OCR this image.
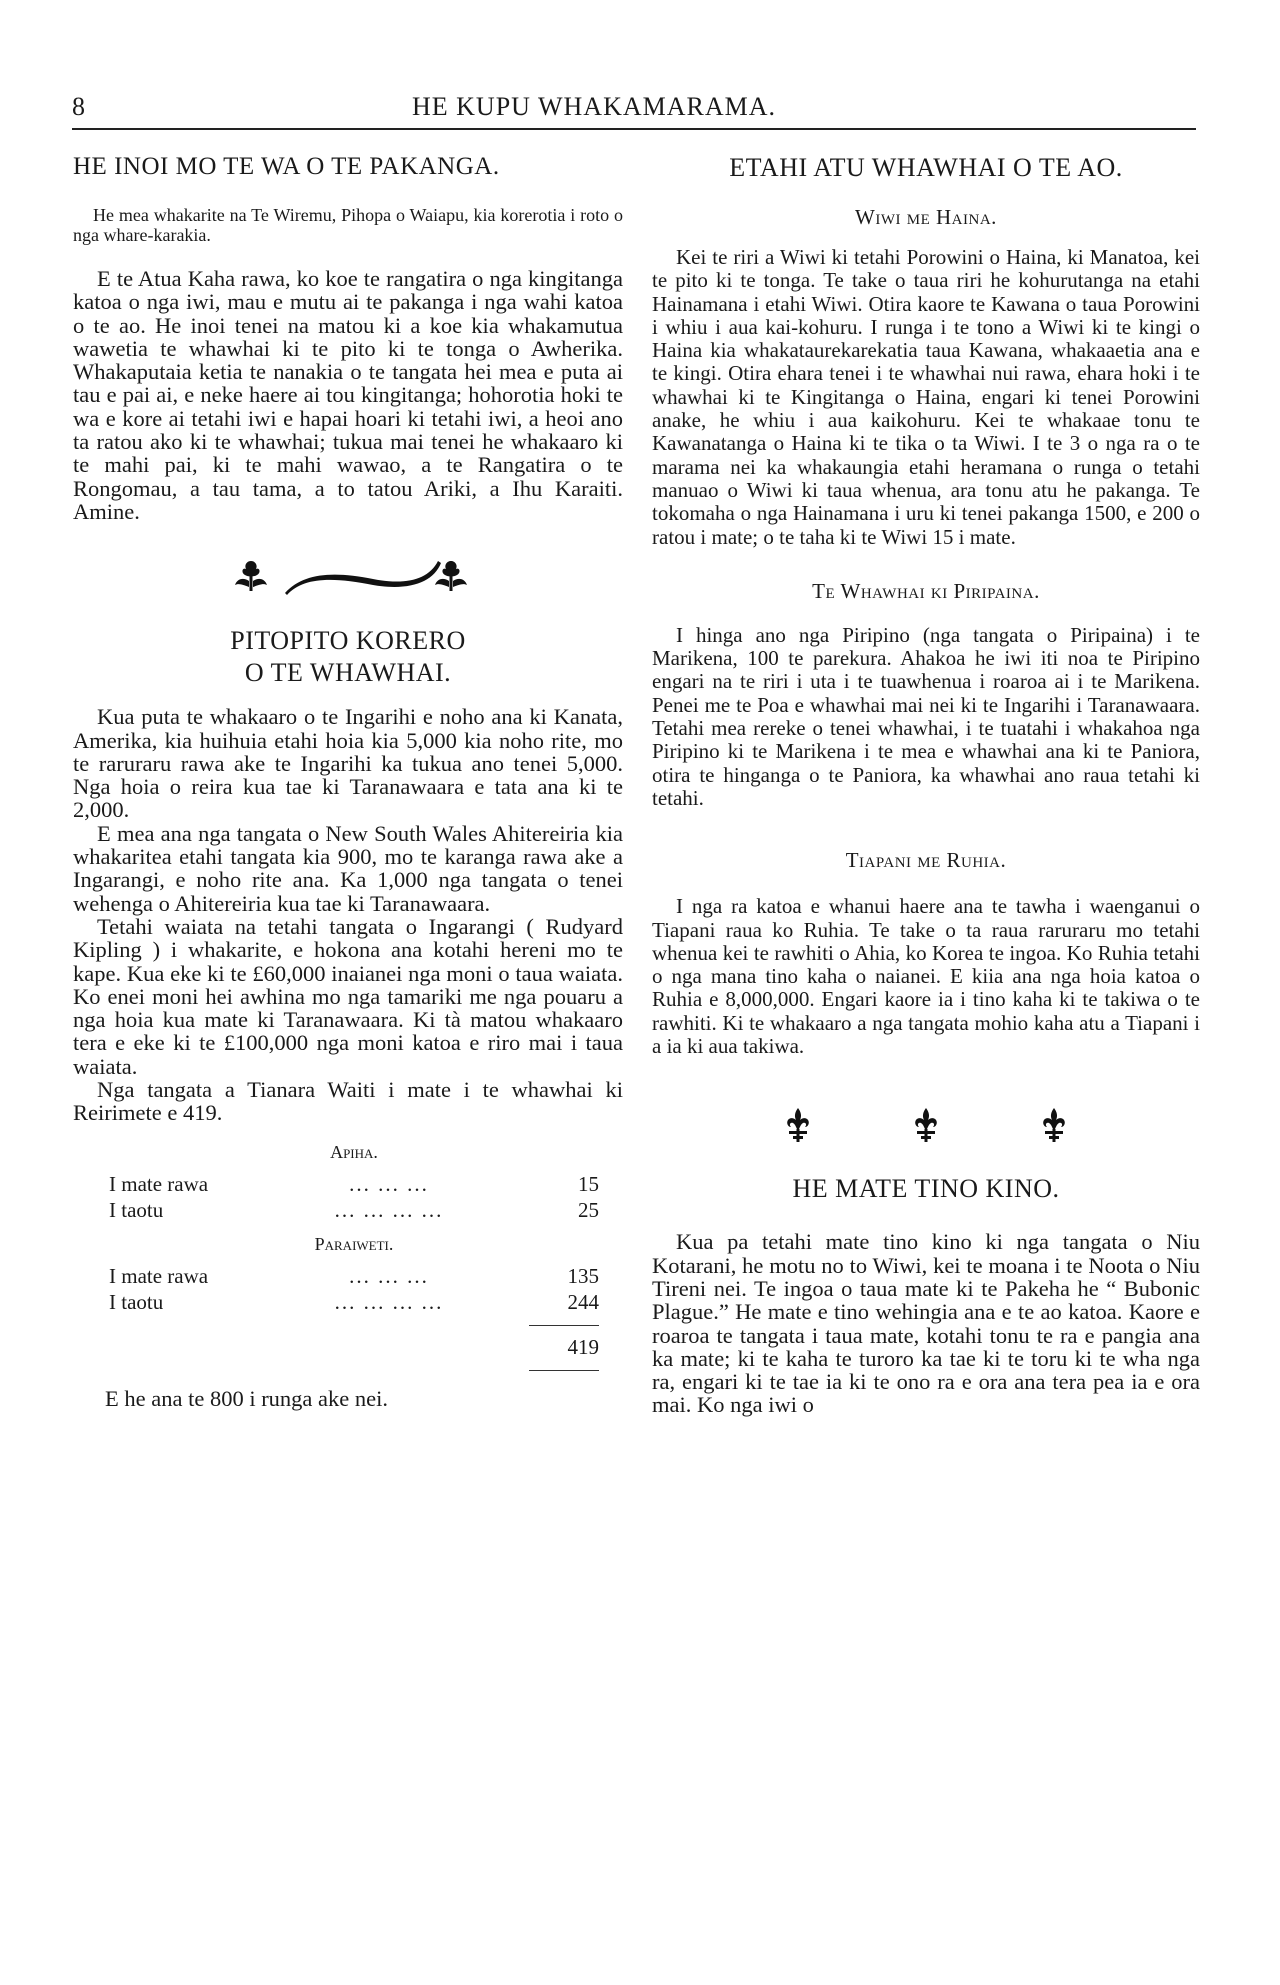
8	HE KUPU WHAKAMARAMA.
HE INOI MO TE WA O TE PAKANGA.

He mea whakarite na Te Wiremu, Pihopa o Waiapu, kia korerotia i roto o nga whare-karakia.

E te Atua Kaha rawa, ko koe te rangatira o nga kingitanga katoa o nga iwi, mau e mutu ai te pakanga i nga wahi katoa o te ao. He inoi tenei na matou ki a koe kia whakamutua wawetia te whawhai ki te pito ki te tonga o Awherika. Whakaputaia ketia te nanakia o te tangata hei mea e puta ai tau e pai ai, e neke haere ai tou kingitanga; hohorotia hoki te wa e kore ai tetahi iwi e hapai hoari ki tetahi iwi, a heoi ano ta ratou ako ki te whawhai; tukua mai tenei he whakaaro ki te mahi pai, ki te mahi wawao, a te Rangatira o te Rongomau, a tau tama, a to tatou Ariki, a Ihu Karaiti. Amine.

PITOPITO KORERO
O TE WHAWHAI.

Kua puta te whakaaro o te Ingarihi e noho ana ki Kanata, Amerika, kia huihuia etahi hoia kia 5,000 kia noho rite, mo te raruraru rawa ake te Ingarihi ka tukua ano tenei 5,000. Nga hoia o reira kua tae ki Taranawaara e tata ana ki te 2,000.

E mea ana nga tangata o New South Wales Ahitereiria kia whakaritea etahi tangata kia 900, mo te karanga rawa ake a Ingarangi, e noho rite ana. Ka 1,000 nga tangata o tenei wehenga o Ahitereiria kua tae ki Taranawaara.

Tetahi waiata na tetahi tangata o Ingarangi ( Rudyard Kipling ) i whakarite, e hokona ana kotahi hereni mo te kape. Kua eke ki te £60,000 inaianei nga moni o taua waiata. Ko enei moni hei awhina mo nga tamariki me nga pouaru a nga hoia kua mate ki Taranawaara. Ki tà matou whakaaro tera e eke ki te £100,000 nga moni katoa e riro mai i taua waiata.

Nga tangata a Tianara Waiti i mate i te whawhai ki Reirimete e 419.

Apiha.		
I mate rawa	... ... ...	15
I taotu	... ... ... ...	25
Paraiweti.		
I mate rawa	... ... ...	135
I taotu	... ... ... ...	244

		419

E he ana te 800 i runga ake nei.

ETAHI ATU WHAWHAI O TE AO.
Wiwi me Haina.

Kei te riri a Wiwi ki tetahi Porowini o Haina, ki Manatoa, kei te pito ki te tonga. Te take o taua riri he kohurutanga na etahi Hainamana i etahi Wiwi. Otira kaore te Kawana o taua Porowini i whiu i aua kai-kohuru. I runga i te tono a Wiwi ki te kingi o Haina kia whakataurekarekatia taua Kawana, whakaaetia ana e te kingi. Otira ehara tenei i te whawhai nui rawa, ehara hoki i te whawhai ki te Kingitanga o Haina, engari ki tenei Porowini anake, he whiu i aua kaikohuru. Kei te whakaae tonu te Kawanatanga o Haina ki te tika o ta Wiwi. I te 3 o nga ra o te marama nei ka whakaungia etahi heramana o runga o tetahi manuao o Wiwi ki taua whenua, ara tonu atu he pakanga. Te tokomaha o nga Hainamana i uru ki tenei pakanga 1500, e 200 o ratou i mate; o te taha ki te Wiwi 15 i mate.

Te Whawhai ki Piripaina.

I hinga ano nga Piripino (nga tangata o Piripaina) i te Marikena, 100 te parekura. Ahakoa he iwi iti noa te Piripino engari na te riri i uta i te tuawhenua i roaroa ai i te Marikena. Penei me te Poa e whawhai mai nei ki te Ingarihi i Taranawaara. Tetahi mea rereke o tenei whawhai, i te tuatahi i whakahoa nga Piripino ki te Marikena i te mea e whawhai ana ki te Paniora, otira te hinganga o te Paniora, ka whawhai ano raua tetahi ki tetahi.

Tiapani me Ruhia.

I nga ra katoa e whanui haere ana te tawha i waenganui o Tiapani raua ko Ruhia. Te take o ta raua raruraru mo tetahi whenua kei te rawhiti o Ahia, ko Korea te ingoa. Ko Ruhia tetahi o nga mana tino kaha o naianei. E kiia ana nga hoia katoa o Ruhia e 8,000,000. Engari kaore ia i tino kaha ki te takiwa o te rawhiti. Ki te whakaaro a nga tangata mohio kaha atu a Tiapani i a ia ki aua takiwa.

HE MATE TINO KINO.

Kua pa tetahi mate tino kino ki nga tangata o Niu Kotarani, he motu no to Wiwi, kei te moana i te Noota o Niu Tireni nei. Te ingoa o taua mate ki te Pakeha he “ Bubonic Plague.” He mate e tino wehingia ana e te ao katoa. Kaore e roaroa te tangata i taua mate, kotahi tonu te ra e pangia ana ka mate; ki te kaha te turoro ka tae ki te toru ki te wha nga ra, engari ki te tae ia ki te ono ra e ora ana tera pea ia e ora mai. Ko nga iwi o
